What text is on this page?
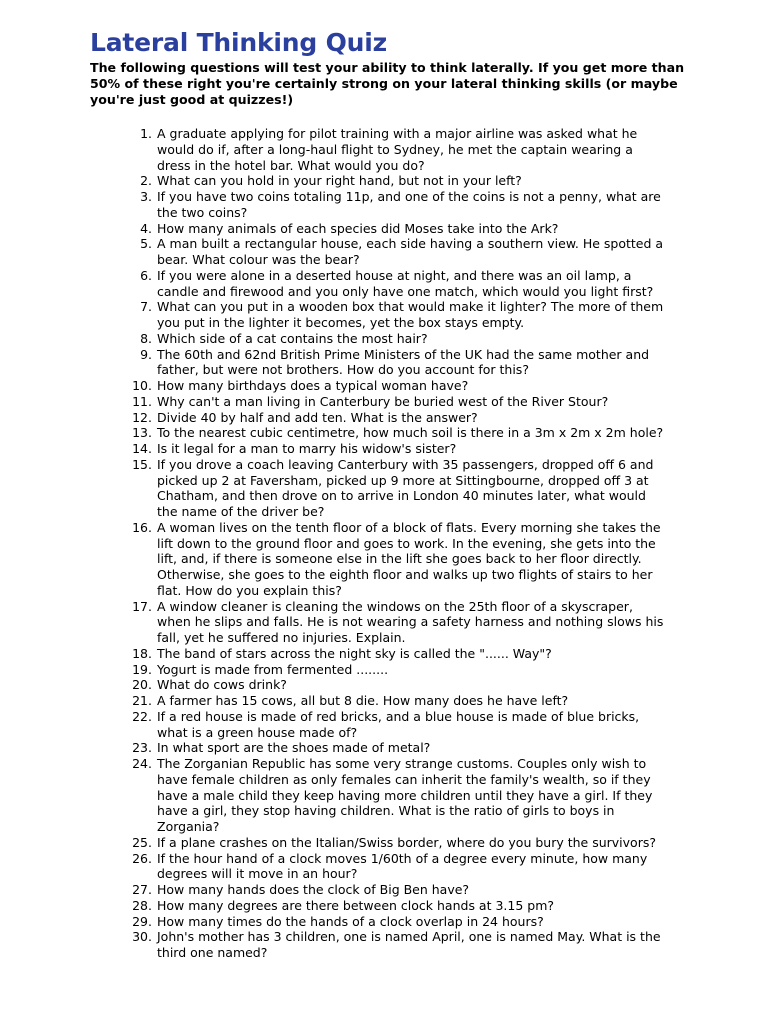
Lateral Thinking Quiz

The following questions will test your ability to think laterally. If you get more than 50% of these right you're certainly strong on your lateral thinking skills (or maybe you're just good at quizzes!)

1. A graduate applying for pilot training with a major airline was asked what he would do if, after a long-haul flight to Sydney, he met the captain wearing a dress in the hotel bar. What would you do?
2. What can you hold in your right hand, but not in your left?
3. If you have two coins totaling 11p, and one of the coins is not a penny, what are the two coins?
4. How many animals of each species did Moses take into the Ark?
5. A man built a rectangular house, each side having a southern view. He spotted a bear. What colour was the bear?
6. If you were alone in a deserted house at night, and there was an oil lamp, a candle and firewood and you only have one match, which would you light first?
7. What can you put in a wooden box that would make it lighter? The more of them you put in the lighter it becomes, yet the box stays empty.
8. Which side of a cat contains the most hair?
9. The 60th and 62nd British Prime Ministers of the UK had the same mother and father, but were not brothers. How do you account for this?
10. How many birthdays does a typical woman have?
11. Why can't a man living in Canterbury be buried west of the River Stour?
12. Divide 40 by half and add ten. What is the answer?
13. To the nearest cubic centimetre, how much soil is there in a 3m x 2m x 2m hole?
14. Is it legal for a man to marry his widow's sister?
15. If you drove a coach leaving Canterbury with 35 passengers, dropped off 6 and picked up 2 at Faversham, picked up 9 more at Sittingbourne, dropped off 3 at Chatham, and then drove on to arrive in London 40 minutes later, what would the name of the driver be?
16. A woman lives on the tenth floor of a block of flats. Every morning she takes the lift down to the ground floor and goes to work. In the evening, she gets into the lift, and, if there is someone else in the lift she goes back to her floor directly. Otherwise, she goes to the eighth floor and walks up two flights of stairs to her flat. How do you explain this?
17. A window cleaner is cleaning the windows on the 25th floor of a skyscraper, when he slips and falls. He is not wearing a safety harness and nothing slows his fall, yet he suffered no injuries. Explain.
18. The band of stars across the night sky is called the "...... Way"?
19. Yogurt is made from fermented ........
20. What do cows drink?
21. A farmer has 15 cows, all but 8 die. How many does he have left?
22. If a red house is made of red bricks, and a blue house is made of blue bricks, what is a green house made of?
23. In what sport are the shoes made of metal?
24. The Zorganian Republic has some very strange customs. Couples only wish to have female children as only females can inherit the family's wealth, so if they have a male child they keep having more children until they have a girl. If they have a girl, they stop having children. What is the ratio of girls to boys in Zorgania?
25. If a plane crashes on the Italian/Swiss border, where do you bury the survivors?
26. If the hour hand of a clock moves 1/60th of a degree every minute, how many degrees will it move in an hour?
27. How many hands does the clock of Big Ben have?
28. How many degrees are there between clock hands at 3.15 pm?
29. How many times do the hands of a clock overlap in 24 hours?
30. John's mother has 3 children, one is named April, one is named May. What is the third one named?
